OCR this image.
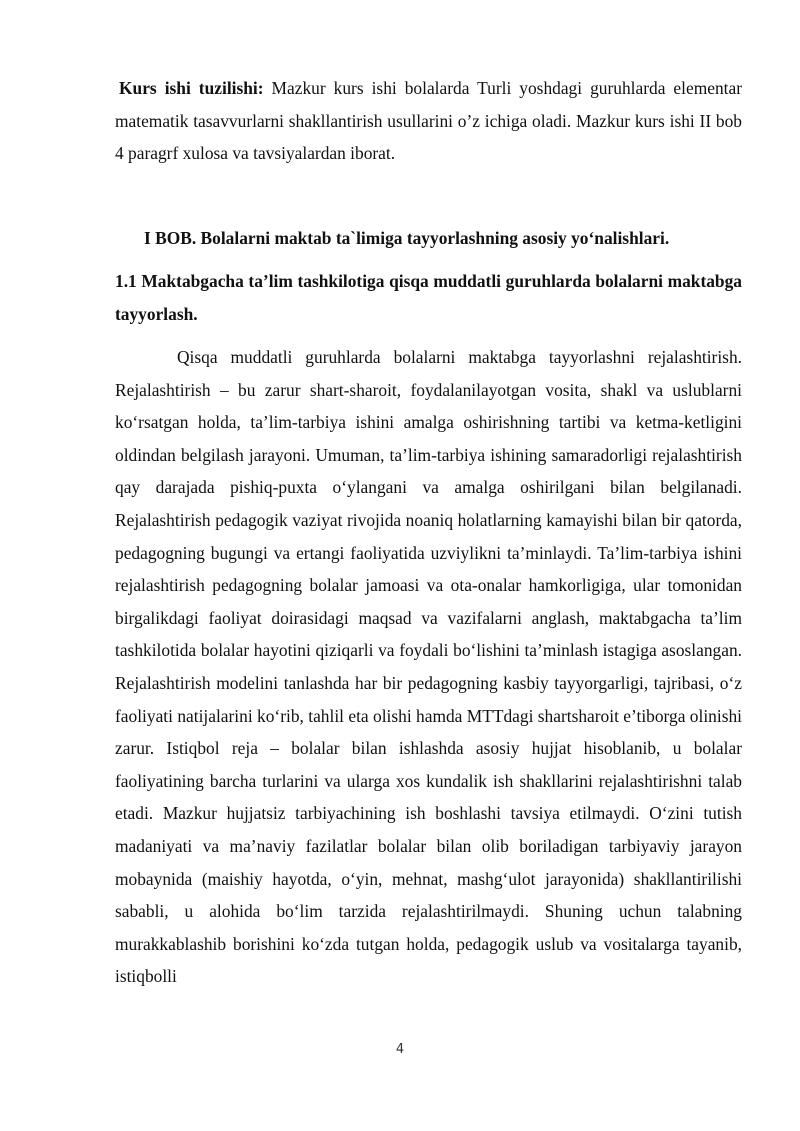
Kurs ishi tuzilishi: Mazkur kurs ishi bolalarda Turli yoshdagi guruhlarda elementar matematik tasavvurlarni shakllantirish usullarini o’z ichiga oladi. Mazkur kurs ishi II bob 4 paragrf xulosa va tavsiyalardan iborat.

I BOB. Bolalarni maktab ta`limiga tayyorlashning asosiy yo‘nalishlari.
1.1 Maktabgacha ta’lim tashkilotiga qisqa muddatli guruhlarda bolalarni maktabga tayyorlash.

Qisqa muddatli guruhlarda bolalarni maktabga tayyorlashni rejalashtirish. Rejalashtirish – bu zarur shart-sharoit, foydalanilayotgan vosita, shakl va uslublarni ko‘rsatgan holda, ta’lim-tarbiya ishini amalga oshirishning tartibi va ketma-ketligini oldindan belgilash jarayoni. Umuman, ta’lim-tarbiya ishining samaradorligi rejalashtirish qay darajada pishiq-puxta o‘ylangani va amalga oshirilgani bilan belgilanadi. Rejalashtirish pedagogik vaziyat rivojida noaniq holatlarning kamayishi bilan bir qatorda, pedagogning bugungi va ertangi faoliyatida uzviylikni ta’minlaydi. Ta’lim-tarbiya ishini rejalashtirish pedagogning bolalar jamoasi va ota-onalar hamkorligiga, ular tomonidan birgalikdagi faoliyat doirasidagi maqsad va vazifalarni anglash, maktabgacha ta’lim tashkilotida bolalar hayotini qiziqarli va foydali bo‘lishini ta’minlash istagiga asoslangan. Rejalashtirish modelini tanlashda har bir pedagogning kasbiy tayyorgarligi, tajribasi, o‘z faoliyati natijalarini ko‘rib, tahlil eta olishi hamda MTTdagi shartsharoit e’tiborga olinishi zarur. Istiqbol reja – bolalar bilan ishlashda asosiy hujjat hisoblanib, u bolalar faoliyatining barcha turlarini va ularga xos kundalik ish shakllarini rejalashtirishni talab etadi. Mazkur hujjatsiz tarbiyachining ish boshlashi tavsiya etilmaydi. O‘zini tutish madaniyati va ma’naviy fazilatlar bolalar bilan olib boriladigan tarbiyaviy jarayon mobaynida (maishiy hayotda, o‘yin, mehnat, mashg‘ulot jarayonida) shakllantirilishi sababli, u alohida bo‘lim tarzida rejalashtirilmaydi. Shuning uchun talabning murakkablashib borishini ko‘zda tutgan holda, pedagogik uslub va vositalarga tayanib, istiqbolli

4
